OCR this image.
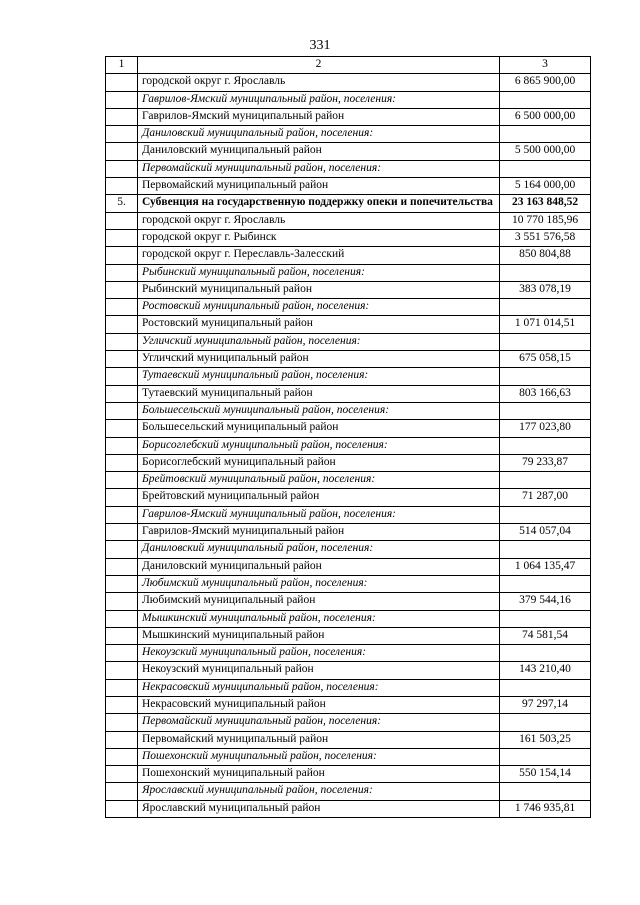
331
1	2	3
	городской округ г. Ярославль	6 865 900,00
	Гаврилов-Ямский муниципальный район, поселения:	
	Гаврилов-Ямский муниципальный район	6 500 000,00
	Даниловский муниципальный район, поселения:	
	Даниловский муниципальный район	5 500 000,00
	Первомайский муниципальный район, поселения:	
	Первомайский муниципальный район	5 164 000,00
5.	Субвенция на государственную поддержку опеки и попечительства	23 163 848,52
	городской округ г. Ярославль	10 770 185,96
	городской округ г. Рыбинск	3 551 576,58
	городской округ г. Переславль-Залесский	850 804,88
	Рыбинский муниципальный район, поселения:	
	Рыбинский муниципальный район	383 078,19
	Ростовский муниципальный район, поселения:	
	Ростовский муниципальный район	1 071 014,51
	Угличский муниципальный район, поселения:	
	Угличский муниципальный район	675 058,15
	Тутаевский муниципальный район, поселения:	
	Тутаевский муниципальный район	803 166,63
	Большесельский муниципальный район, поселения:	
	Большесельский муниципальный район	177 023,80
	Борисоглебский муниципальный район, поселения:	
	Борисоглебский муниципальный район	79 233,87
	Брейтовский муниципальный район, поселения:	
	Брейтовский муниципальный район	71 287,00
	Гаврилов-Ямский муниципальный район, поселения:	
	Гаврилов-Ямский муниципальный район	514 057,04
	Даниловский муниципальный район, поселения:	
	Даниловский муниципальный район	1 064 135,47
	Любимский муниципальный район, поселения:	
	Любимский муниципальный район	379 544,16
	Мышкинский муниципальный район, поселения:	
	Мышкинский муниципальный район	74 581,54
	Некоузский муниципальный район, поселения:	
	Некоузский муниципальный район	143 210,40
	Некрасовский муниципальный район, поселения:	
	Некрасовский муниципальный район	97 297,14
	Первомайский муниципальный район, поселения:	
	Первомайский муниципальный район	161 503,25
	Пошехонский муниципальный район, поселения:	
	Пошехонский муниципальный район	550 154,14
	Ярославский муниципальный район, поселения:	
	Ярославский муниципальный район	1 746 935,81
